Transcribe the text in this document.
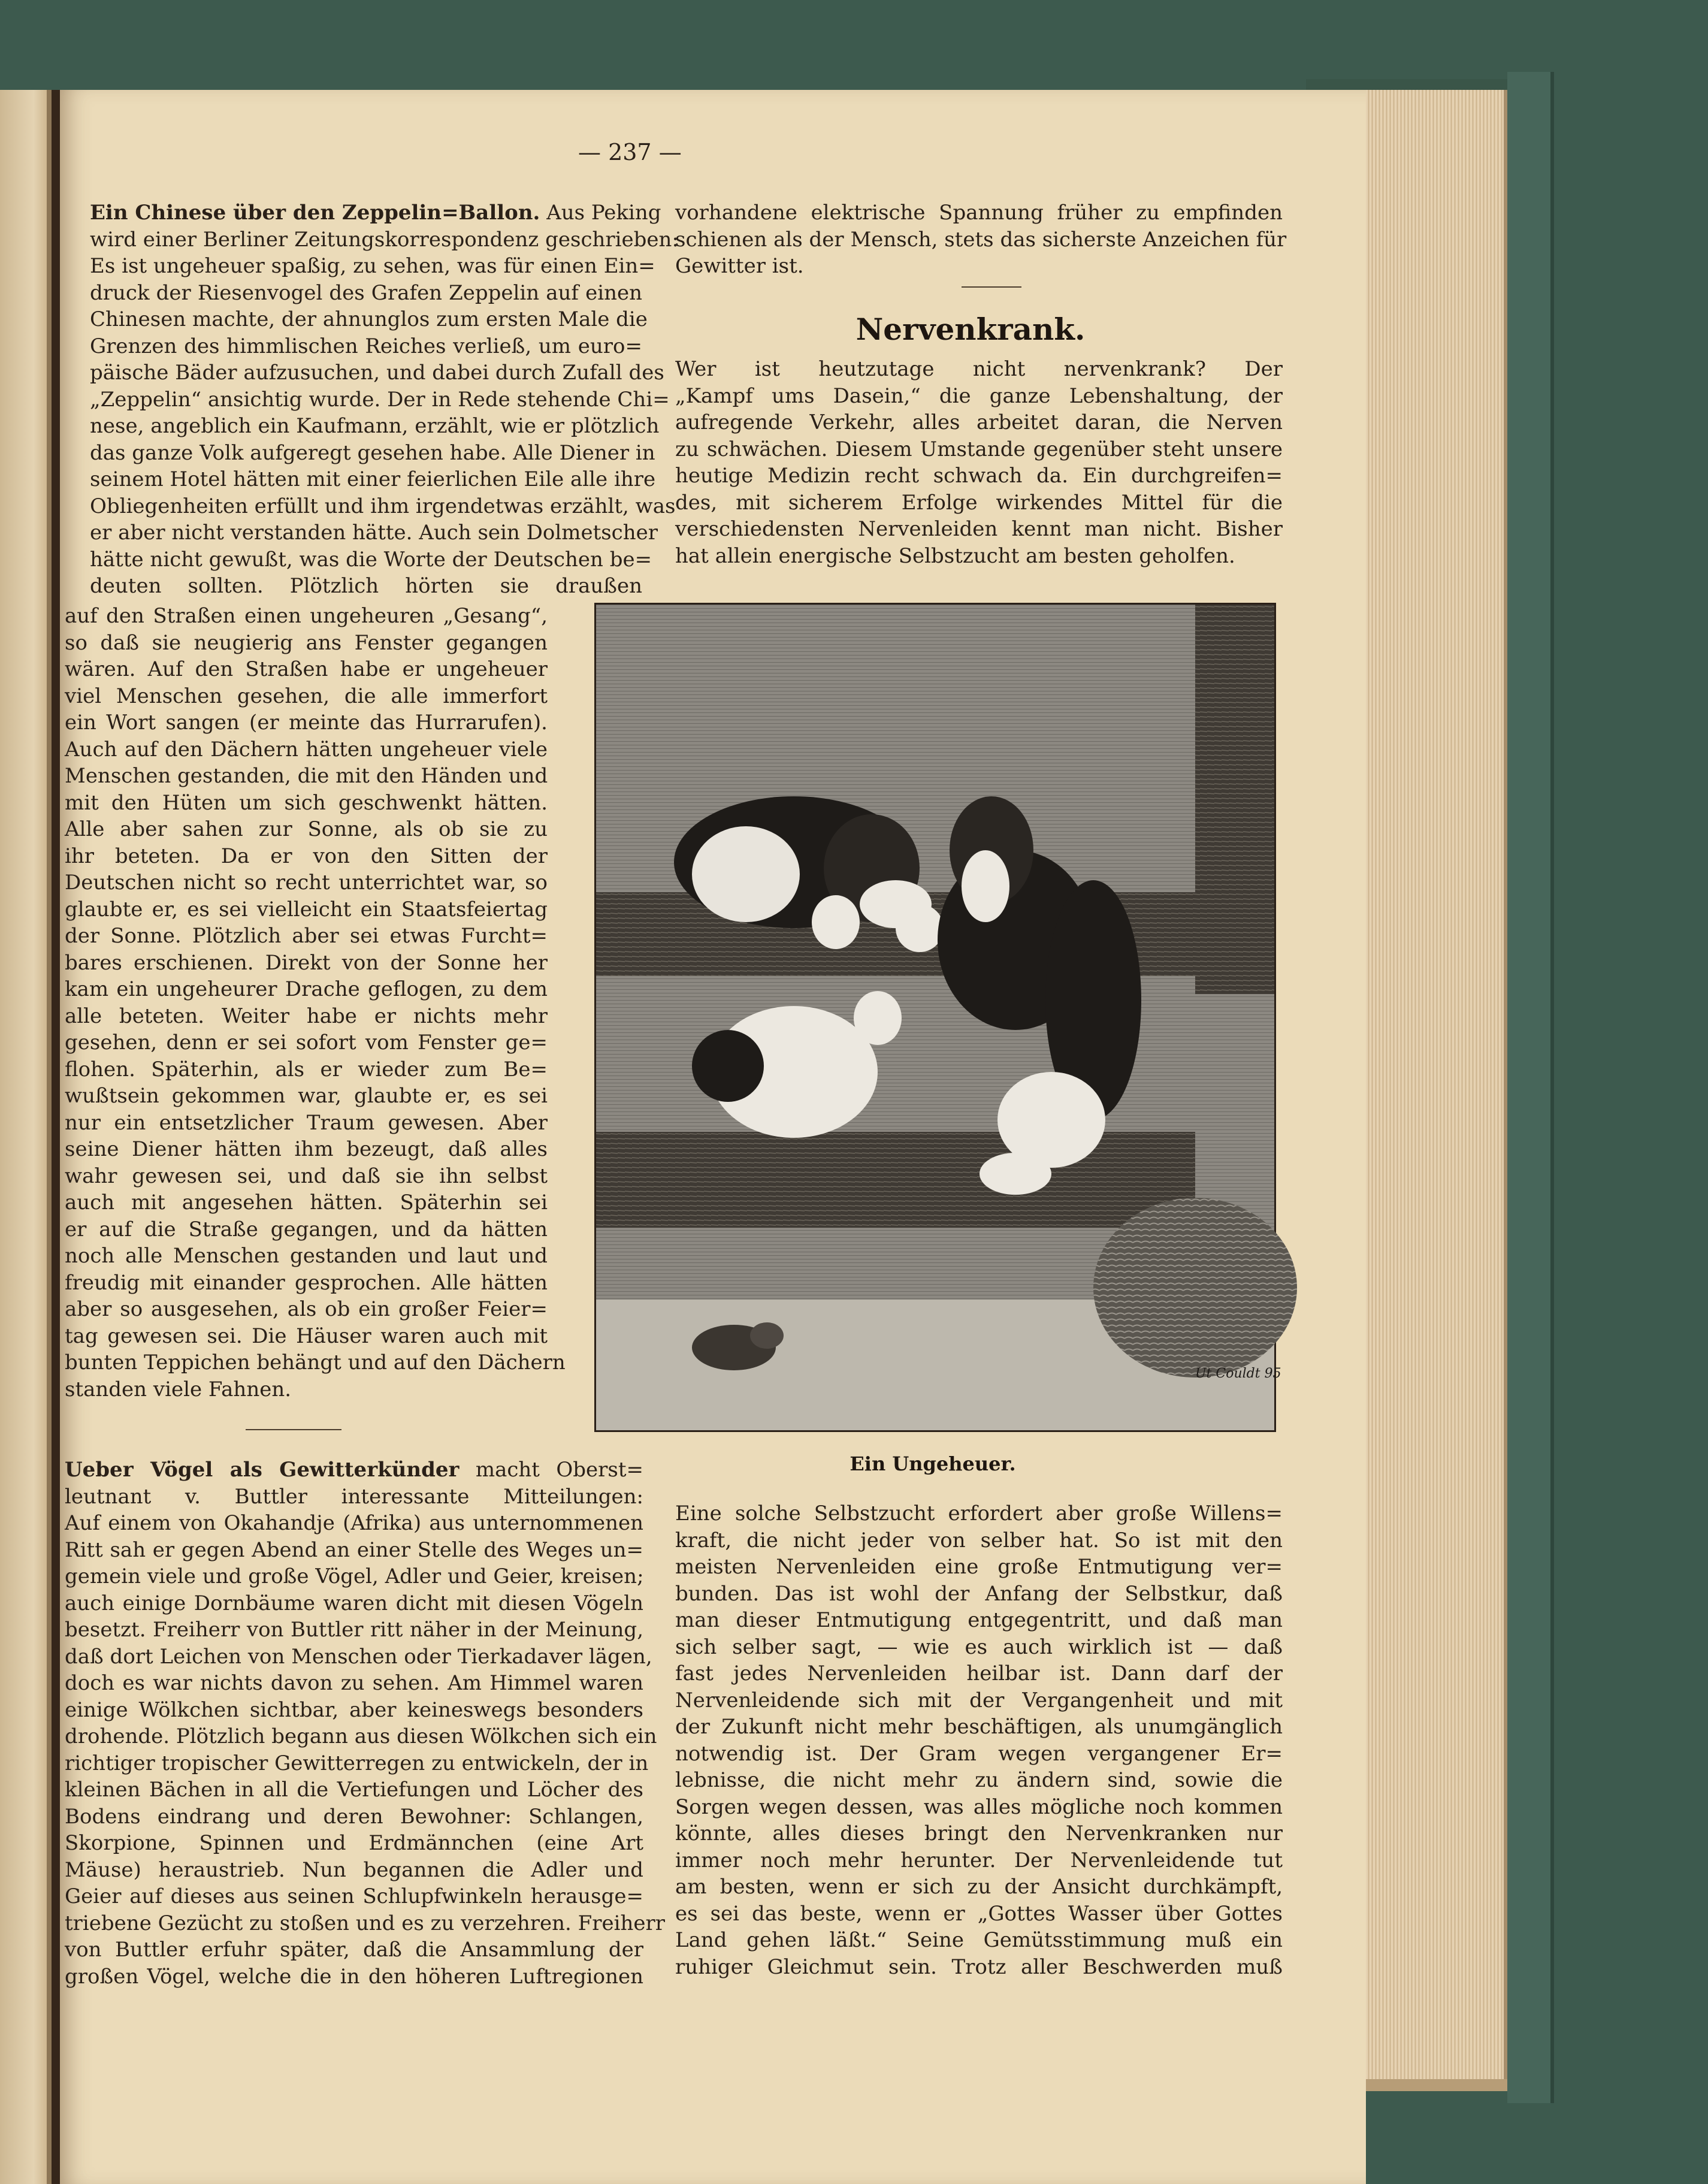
— 237 —

Ein Chinese über den Zeppelin=Ballon. Aus Peking

wird einer Berliner Zeitungskorrespondenz geschrieben:

Es ist ungeheuer spaßig, zu sehen, was für einen Ein=

druck der Riesenvogel des Grafen Zeppelin auf einen

Chinesen machte, der ahnunglos zum ersten Male die

Grenzen des himmlischen Reiches verließ, um euro=

päische Bäder aufzusuchen, und dabei durch Zufall des

„Zeppelin“ ansichtig wurde. Der in Rede stehende Chi=

nese, angeblich ein Kaufmann, erzählt, wie er plötzlich

das ganze Volk aufgeregt gesehen habe. Alle Diener in

seinem Hotel hätten mit einer feierlichen Eile alle ihre

Obliegenheiten erfüllt und ihm irgendetwas erzählt, was

er aber nicht verstanden hätte. Auch sein Dolmetscher

hätte nicht gewußt, was die Worte der Deutschen be=

deuten sollten. Plötzlich hörten sie draußen

auf den Straßen einen ungeheuren „Gesang“,

so daß sie neugierig ans Fenster gegangen

wären. Auf den Straßen habe er ungeheuer

viel Menschen gesehen, die alle immerfort

ein Wort sangen (er meinte das Hurrarufen).

Auch auf den Dächern hätten ungeheuer viele

Menschen gestanden, die mit den Händen und

mit den Hüten um sich geschwenkt hätten.

Alle aber sahen zur Sonne, als ob sie zu

ihr beteten. Da er von den Sitten der

Deutschen nicht so recht unterrichtet war, so

glaubte er, es sei vielleicht ein Staatsfeiertag

der Sonne. Plötzlich aber sei etwas Furcht=

bares erschienen. Direkt von der Sonne her

kam ein ungeheurer Drache geflogen, zu dem

alle beteten. Weiter habe er nichts mehr

gesehen, denn er sei sofort vom Fenster ge=

flohen. Späterhin, als er wieder zum Be=

wußtsein gekommen war, glaubte er, es sei

nur ein entsetzlicher Traum gewesen. Aber

seine Diener hätten ihm bezeugt, daß alles

wahr gewesen sei, und daß sie ihn selbst

auch mit angesehen hätten. Späterhin sei

er auf die Straße gegangen, und da hätten

noch alle Menschen gestanden und laut und

freudig mit einander gesprochen. Alle hätten

aber so ausgesehen, als ob ein großer Feier=

tag gewesen sei. Die Häuser waren auch mit

bunten Teppichen behängt und auf den Dächern

standen viele Fahnen.

Ueber Vögel als Gewitterkünder macht Oberst=

leutnant v. Buttler interessante Mitteilungen:

Auf einem von Okahandje (Afrika) aus unternommenen

Ritt sah er gegen Abend an einer Stelle des Weges un=

gemein viele und große Vögel, Adler und Geier, kreisen;

auch einige Dornbäume waren dicht mit diesen Vögeln

besetzt. Freiherr von Buttler ritt näher in der Meinung,

daß dort Leichen von Menschen oder Tierkadaver lägen,

doch es war nichts davon zu sehen. Am Himmel waren

einige Wölkchen sichtbar, aber keineswegs besonders

drohende. Plötzlich begann aus diesen Wölkchen sich ein

richtiger tropischer Gewitterregen zu entwickeln, der in

kleinen Bächen in all die Vertiefungen und Löcher des

Bodens eindrang und deren Bewohner: Schlangen,

Skorpione, Spinnen und Erdmännchen (eine Art

Mäuse) heraustrieb. Nun begannen die Adler und

Geier auf dieses aus seinen Schlupfwinkeln herausge=

triebene Gezücht zu stoßen und es zu verzehren. Freiherr

von Buttler erfuhr später, daß die Ansammlung der

großen Vögel, welche die in den höheren Luftregionen

vorhandene elektrische Spannung früher zu empfinden

schienen als der Mensch, stets das sicherste Anzeichen für

Gewitter ist.

Nervenkrank.

Wer ist heutzutage nicht nervenkrank? Der

„Kampf ums Dasein,“ die ganze Lebenshaltung, der

aufregende Verkehr, alles arbeitet daran, die Nerven

zu schwächen. Diesem Umstande gegenüber steht unsere

heutige Medizin recht schwach da. Ein durchgreifen=

des, mit sicherem Erfolge wirkendes Mittel für die

verschiedensten Nervenleiden kennt man nicht. Bisher

hat allein energische Selbstzucht am besten geholfen.

Ut Couldt 95
Ein Ungeheuer.

Eine solche Selbstzucht erfordert aber große Willens=

kraft, die nicht jeder von selber hat. So ist mit den

meisten Nervenleiden eine große Entmutigung ver=

bunden. Das ist wohl der Anfang der Selbstkur, daß

man dieser Entmutigung entgegentritt, und daß man

sich selber sagt, — wie es auch wirklich ist — daß

fast jedes Nervenleiden heilbar ist. Dann darf der

Nervenleidende sich mit der Vergangenheit und mit

der Zukunft nicht mehr beschäftigen, als unumgänglich

notwendig ist. Der Gram wegen vergangener Er=

lebnisse, die nicht mehr zu ändern sind, sowie die

Sorgen wegen dessen, was alles mögliche noch kommen

könnte, alles dieses bringt den Nervenkranken nur

immer noch mehr herunter. Der Nervenleidende tut

am besten, wenn er sich zu der Ansicht durchkämpft,

es sei das beste, wenn er „Gottes Wasser über Gottes

Land gehen läßt.“ Seine Gemütsstimmung muß ein

ruhiger Gleichmut sein. Trotz aller Beschwerden muß
